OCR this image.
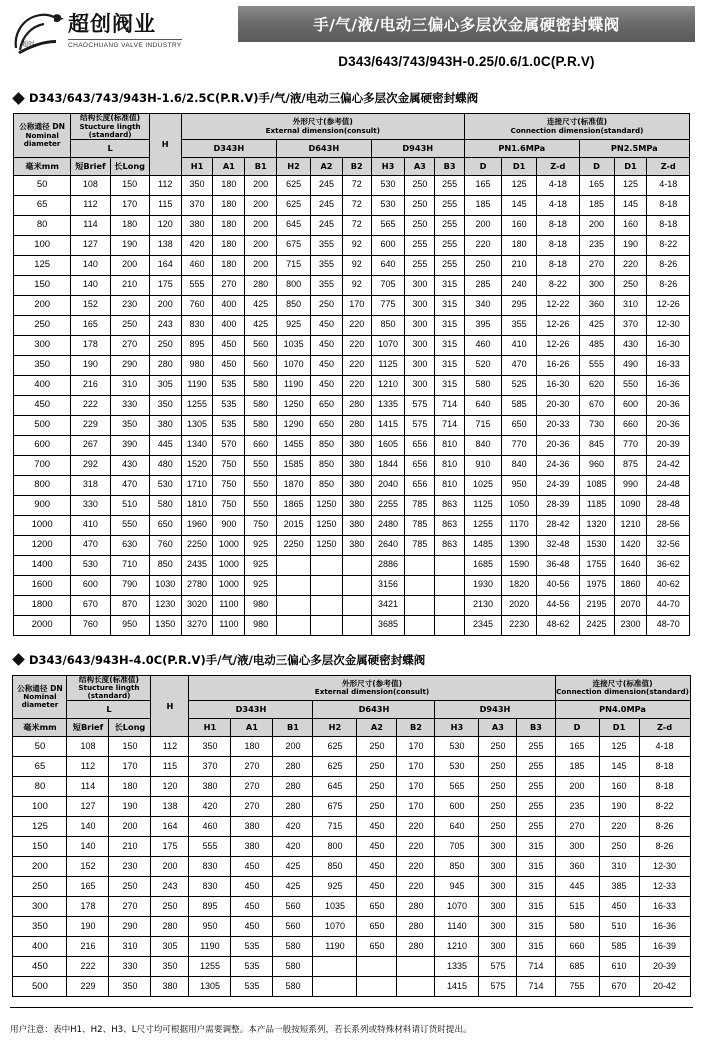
超创
超创阀业
CHAOCHUANG VALVE INDUSTRY
手/气/液/电动三偏心多层次金属硬密封蝶阀
D343/643/743/943H-0.25/0.6/1.0C(P.R.V)
D343/643/743/943H-1.6/2.5C(P.R.V)手/气/液/电动三偏心多层次金属硬密封蝶阀
公称通径 DN
Nominal diameter	结构长度(标准值)
Stucture lingth (standard)		H	外形尺寸(参考值)
External dimension(consult)									连接尺寸(标准值)
Connection dimension(standard)					

	L			D343H			D643H			D943H			PN1.6MPa			PN2.5MPa		
毫米mm	短Brief	长Long		H1	A1	B1	H2	A2	B2	H3	A3	B3	D	D1	Z-d	D	D1	Z-d
50	108	150	112	350	180	200	625	245	72	530	250	255	165	125	4-18	165	125	4-18
65	112	170	115	370	180	200	625	245	72	530	250	255	185	145	4-18	185	145	8-18
80	114	180	120	380	180	200	645	245	72	565	250	255	200	160	8-18	200	160	8-18
100	127	190	138	420	180	200	675	355	92	600	255	255	220	180	8-18	235	190	8-22
125	140	200	164	460	180	200	715	355	92	640	255	255	250	210	8-18	270	220	8-26
150	140	210	175	555	270	280	800	355	92	705	300	315	285	240	8-22	300	250	8-26
200	152	230	200	760	400	425	850	250	170	775	300	315	340	295	12-22	360	310	12-26
250	165	250	243	830	400	425	925	450	220	850	300	315	395	355	12-26	425	370	12-30
300	178	270	250	895	450	560	1035	450	220	1070	300	315	460	410	12-26	485	430	16-30
350	190	290	280	980	450	560	1070	450	220	1125	300	315	520	470	16-26	555	490	16-33
400	216	310	305	1190	535	580	1190	450	220	1210	300	315	580	525	16-30	620	550	16-36
450	222	330	350	1255	535	580	1250	650	280	1335	575	714	640	585	20-30	670	600	20-36
500	229	350	380	1305	535	580	1290	650	280	1415	575	714	715	650	20-33	730	660	20-36
600	267	390	445	1340	570	660	1455	850	380	1605	656	810	840	770	20-36	845	770	20-39
700	292	430	480	1520	750	550	1585	850	380	1844	656	810	910	840	24-36	960	875	24-42
800	318	470	530	1710	750	550	1870	850	380	2040	656	810	1025	950	24-39	1085	990	24-48
900	330	510	580	1810	750	550	1865	1250	380	2255	785	863	1125	1050	28-39	1185	1090	28-48
1000	410	550	650	1960	900	750	2015	1250	380	2480	785	863	1255	1170	28-42	1320	1210	28-56
1200	470	630	760	2250	1000	925	2250	1250	380	2640	785	863	1485	1390	32-48	1530	1420	32-56
1400	530	710	850	2435	1000	925				2886			1685	1590	36-48	1755	1640	36-62
1600	600	790	1030	2780	1000	925				3156			1930	1820	40-56	1975	1860	40-62
1800	670	870	1230	3020	1100	980				3421			2130	2020	44-56	2195	2070	44-70
2000	760	950	1350	3270	1100	980				3685			2345	2230	48-62	2425	2300	48-70
D343/643/943H-4.0C(P.R.V)手/气/液/电动三偏心多层次金属硬密封蝶阀
公称通径 DN
Nominal diameter	结构长度(标准值)
Stucture lingth (standard)		H	外形尺寸(参考值)
External dimension(consult)									连接尺寸(标准值)
Connection dimension(standard)		

	L			D343H			D643H			D943H			PN4.0MPa		
毫米mm	短Brief	长Long		H1	A1	B1	H2	A2	B2	H3	A3	B3	D	D1	Z-d
50	108	150	112	350	180	200	625	250	170	530	250	255	165	125	4-18
65	112	170	115	370	270	280	625	250	170	530	250	255	185	145	8-18
80	114	180	120	380	270	280	645	250	170	565	250	255	200	160	8-18
100	127	190	138	420	270	280	675	250	170	600	250	255	235	190	8-22
125	140	200	164	460	380	420	715	450	220	640	250	255	270	220	8-26
150	140	210	175	555	380	420	800	450	220	705	300	315	300	250	8-26
200	152	230	200	830	450	425	850	450	220	850	300	315	360	310	12-30
250	165	250	243	830	450	425	925	450	220	945	300	315	445	385	12-33
300	178	270	250	895	450	560	1035	650	280	1070	300	315	515	450	16-33
350	190	290	280	950	450	560	1070	650	280	1140	300	315	580	510	16-36
400	216	310	305	1190	535	580	1190	650	280	1210	300	315	660	585	16-39
450	222	330	350	1255	535	580				1335	575	714	685	610	20-39
500	229	350	380	1305	535	580				1415	575	714	755	670	20-42
用户注意：表中H1、H2、H3、L尺寸均可根据用户需要调整。本产品一般按短系列，若长系列或特殊材料请订货时提出。
